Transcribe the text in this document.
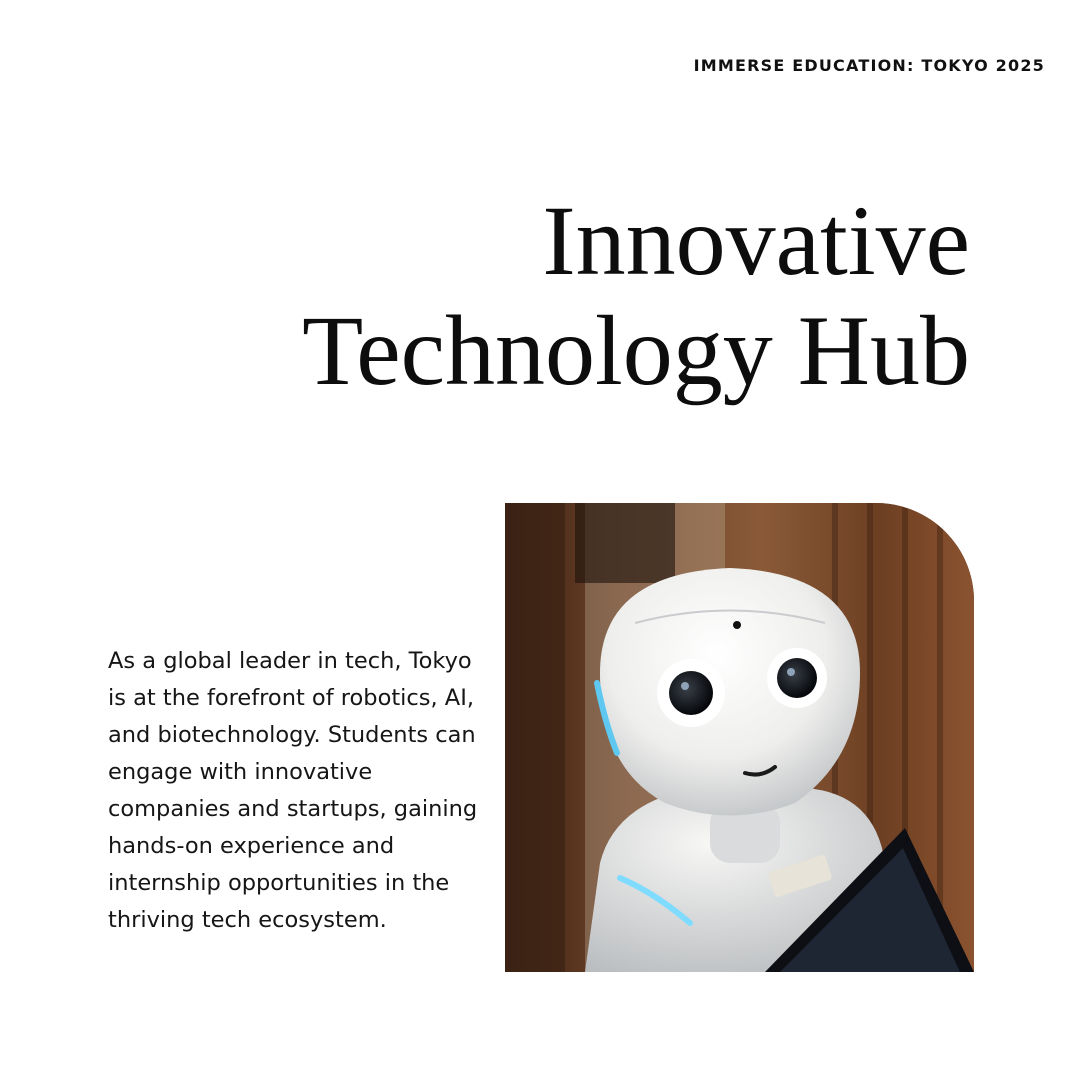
IMMERSE EDUCATION: TOKYO 2025
Innovative
Technology Hub

As a global leader in tech, Tokyo is at the forefront of robotics, AI, and biotechnology. Students can engage with innovative companies and startups, gaining hands-on experience and internship opportunities in the thriving tech ecosystem.
